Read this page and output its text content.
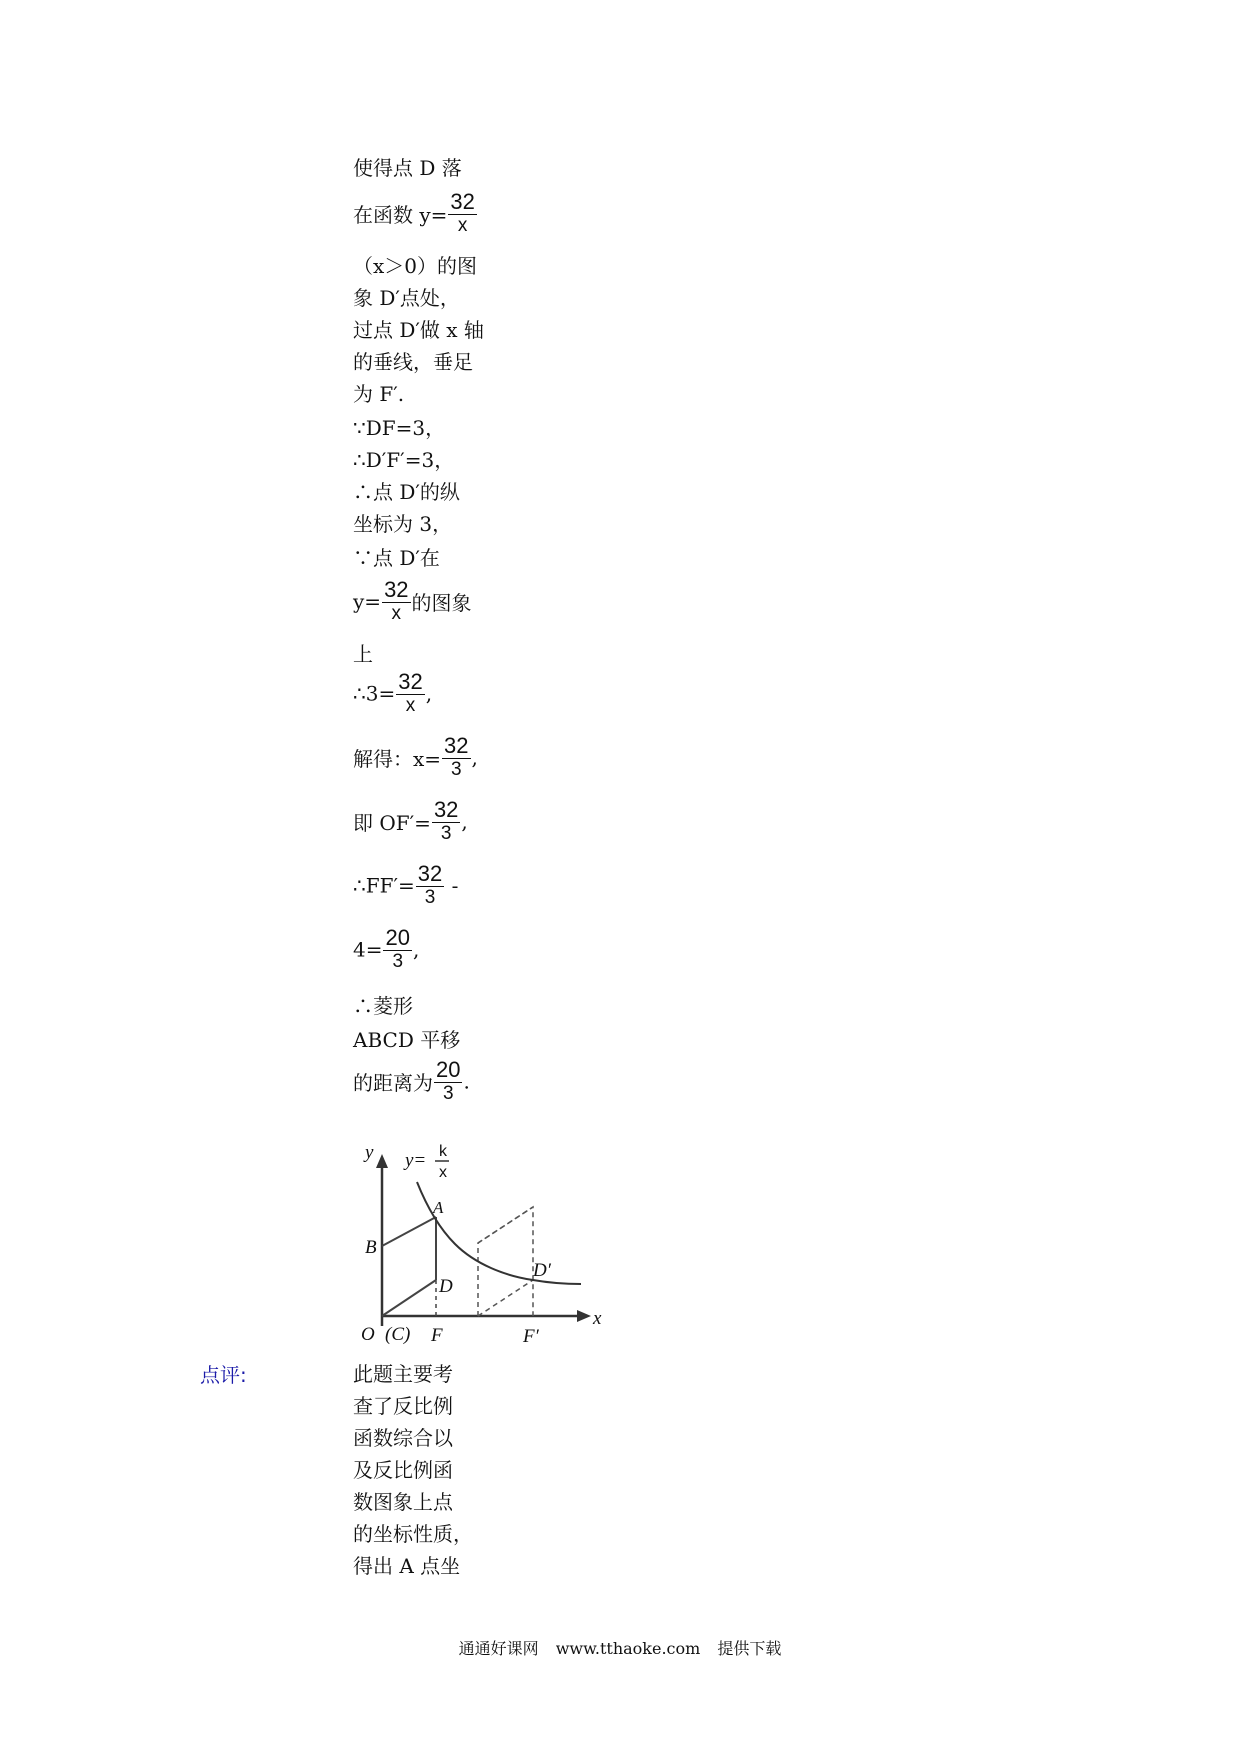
使得点 D 落
在函数 $y= \frac{32}{x}$
（x＞0）的图
象 D′点处，
过点 D′做 x 轴
的垂线，垂足
为 F′.
∵DF=3，
∴D′F′=3，
∴点 D′的纵
坐标为 3，
∵点 D′在
$y= \frac{32}{x}$ 的图象
上
∴3= $\frac{32}{x}$ ,
解得：$x= \frac{32}{3}$ ,
即 $OF'= \frac{32}{3}$ ,
∴FF′= $\frac{32}{3}$ -
$4= \frac{20}{3}$ ,
∴菱形
ABCD 平移
的距离为 $\frac{20}{3}$ .
y
x
y= k
x
A
B
D
D′
O (C) F	F′
点评:	此题主要考
查了反比例
函数综合以
及反比例函
数图象上点
的坐标性质，
得出 A 点坐
通通好课网 www.tthaoke.com 提供下载
